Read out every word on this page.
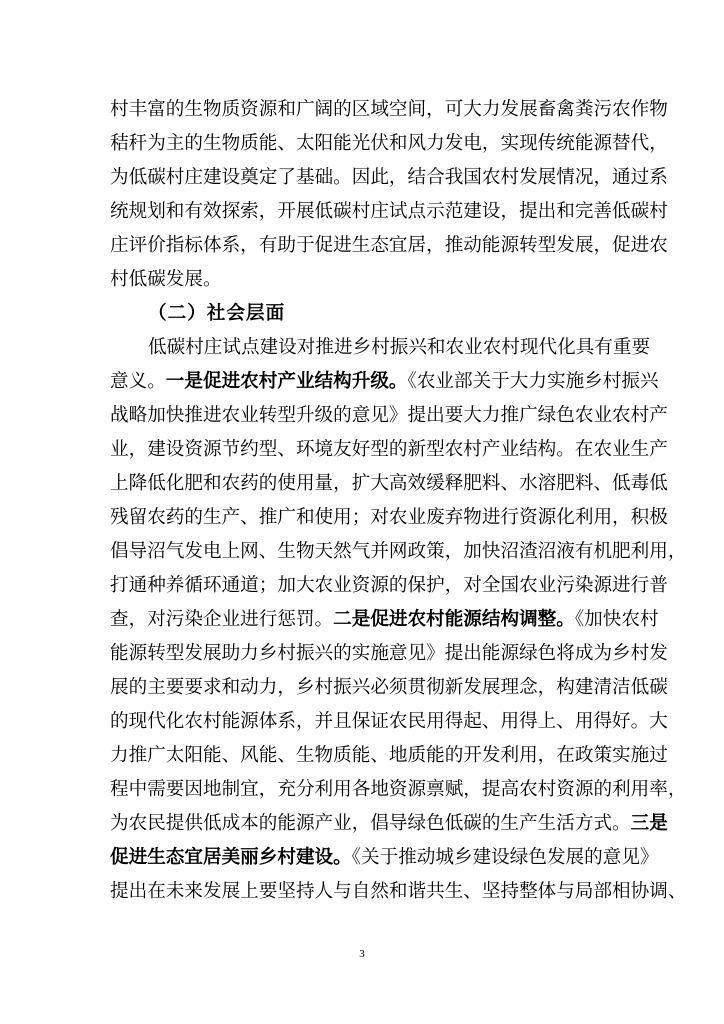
村丰富的生物质资源和广阔的区域空间，可大力发展畜禽粪污农作物
秸秆为主的生物质能、太阳能光伏和风力发电，实现传统能源替代，
为低碳村庄建设奠定了基础。因此，结合我国农村发展情况，通过系
统规划和有效探索，开展低碳村庄试点示范建设，提出和完善低碳村
庄评价指标体系，有助于促进生态宜居，推动能源转型发展，促进农
村低碳发展。
（二）社会层面
低碳村庄试点建设对推进乡村振兴和农业农村现代化具有重要
意义。一是促进农村产业结构升级。《农业部关于大力实施乡村振兴
战略加快推进农业转型升级的意见》提出要大力推广绿色农业农村产
业，建设资源节约型、环境友好型的新型农村产业结构。在农业生产
上降低化肥和农药的使用量，扩大高效缓释肥料、水溶肥料、低毒低
残留农药的生产、推广和使用；对农业废弃物进行资源化利用，积极
倡导沼气发电上网、生物天然气并网政策，加快沼渣沼液有机肥利用，
打通种养循环通道；加大农业资源的保护，对全国农业污染源进行普
查，对污染企业进行惩罚。二是促进农村能源结构调整。《加快农村
能源转型发展助力乡村振兴的实施意见》提出能源绿色将成为乡村发
展的主要要求和动力，乡村振兴必须贯彻新发展理念，构建清洁低碳
的现代化农村能源体系，并且保证农民用得起、用得上、用得好。大
力推广太阳能、风能、生物质能、地质能的开发利用，在政策实施过
程中需要因地制宜，充分利用各地资源禀赋，提高农村资源的利用率，
为农民提供低成本的能源产业，倡导绿色低碳的生产生活方式。三是
促进生态宜居美丽乡村建设。《关于推动城乡建设绿色发展的意见》
提出在未来发展上要坚持人与自然和谐共生、坚持整体与局部相协调、
3
